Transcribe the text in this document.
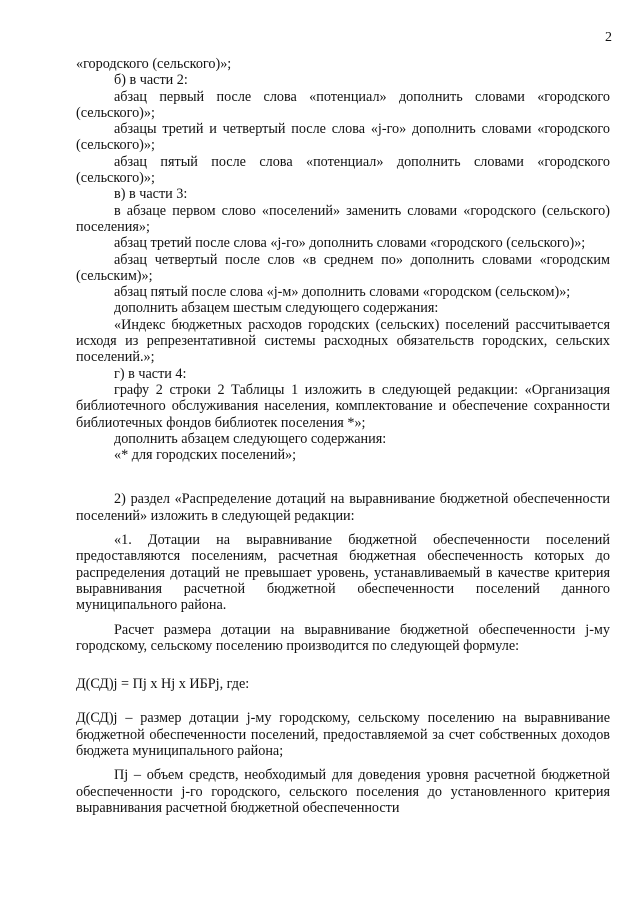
2

«городского (сельского)»;

б) в части 2:

абзац первый после слова «потенциал» дополнить словами «городского (сельского)»;

абзацы третий и четвертый после слова «j-го» дополнить словами «городского (сельского)»;

абзац пятый после слова «потенциал» дополнить словами «городского (сельского)»;

в) в части 3:

в абзаце первом слово «поселений» заменить словами «городского (сельского) поселения»;

абзац третий после слова «j-го» дополнить словами «городского (сельского)»;

абзац четвертый после слов «в среднем по» дополнить словами «городским (сельским)»;

абзац пятый после слова «j-м» дополнить словами «городском (сельском)»;

дополнить абзацем шестым следующего содержания:

«Индекс бюджетных расходов городских (сельских) поселений рассчитывается исходя из репрезентативной системы расходных обязательств городских, сельских поселений.»;

г) в части 4:

графу 2 строки 2 Таблицы 1 изложить в следующей редакции: «Организация библиотечного обслуживания населения, комплектование и обеспечение сохранности библиотечных фондов библиотек поселения *»;

дополнить абзацем следующего содержания:

«* для городских поселений»;

2) раздел «Распределение дотаций на выравнивание бюджетной обеспеченности поселений» изложить в следующей редакции:

«1. Дотации на выравнивание бюджетной обеспеченности поселений предоставляются поселениям, расчетная бюджетная обеспеченность которых до распределения дотаций не превышает уровень, устанавливаемый в качестве критерия выравнивания расчетной бюджетной обеспеченности поселений данного муниципального района.

Расчет размера дотации на выравнивание бюджетной обеспеченности j-му городскому, сельскому поселению производится по следующей формуле:

Д(СД)j = Пj х Нj х ИБРj, где:

Д(СД)j – размер дотации j-му городскому, сельскому поселению на выравнивание бюджетной обеспеченности поселений, предоставляемой за счет собственных доходов бюджета муниципального района;

Пj – объем средств, необходимый для доведения уровня расчетной бюджетной обеспеченности j-го городского, сельского поселения до установленного критерия выравнивания расчетной бюджетной обеспеченности
